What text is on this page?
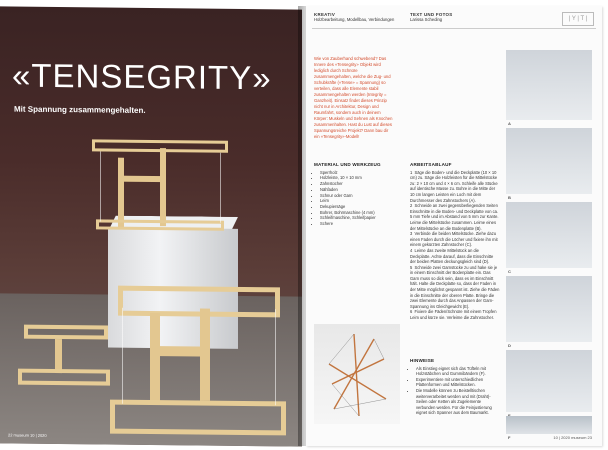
«TENSEGRITY»
Mit Spannung zusammengehalten.
22 museum 10 | 2020
KREATIV
Holzbearbeitung, Modellbau, Verbindungen
TEXT UND FOTOS
Larissa Scheding	| Y | T |
Wie von Zauberhand schwebend? Das Innere des «Tensegrity» Objekt wird lediglich durch Schnüre zusammengehalten, welche die Zug- und Schubkräfte («Tense» = Spannung) so verteilen, dass alle Elemente stabil zusammengehalten werden (Integrity = Ganzheit). Einsatz findet dieses Prinzip nicht nur in Architektur, Design und Raumfahrt, sondern auch in deinem Körper: Muskeln und Sehnen als Knochen zusammenhalten. Hast du Lust auf dieses Spannungsreiche Projekt? Dann bau dir ein «Tensegrity»-Modell!
MATERIAL UND WERKZEUG
• Sperrholz
• Holzleiste, 10 × 10 mm
• Zahnstocher
• Nähfaden
• Schnur oder Garn
• Leim
• Dekupiersäge
• Bohrer, Bohrmaschine (4 mm)
• Schleifmaschine, Schleifpapier
• Schere
ARBEITSABLAUF
1  Säge die Boden- und die Deckplatte (10 × 10 cm) zu. Säge die Holzleisten für die Mittelstücke zu: 2 × 10 cm und 4 × 6 cm. Schleife alle Stücke auf identische Masse zu. Bohre in die Mitte der 10 cm langen Leisten ein Loch mit dem Durchmesser des Zahnstochers (A).
2  Schneide an zwei gegenüberliegenden Seiten Einschnitte in die Boden- und Deckplatte von ca. 5 mm Tiefe und im Abstand von 5 mm zur Kante. Leime die Mittelstücke zusammen. Leime eines der Mittelstücke an die Bodenplatte (B).
3  Verbinde die beiden Mittelstücke. Ziehe dazu einen Faden durch die Löcher und fixiere ihn mit einem gekürzten Zahnstocher (C).
4  Leime das zweite Mittelstück an die Deckplatte. Achte darauf, dass die Einschnitte der beiden Platten deckungsgleich sind (D).
5  Schneide zwei Garnstücke zu und hake sie je in einem Einschnitt der Bodenplatte ein. Das Garn muss so dick sein, dass es im Einschnitt hält. Halte die Deckplatte so, dass der Faden in der Mitte möglichst gespannt ist. Ziehe die Fäden in die Einschnitte der oberen Platte. Bringe die zwei Elemente durch das Anpassen der Garn-Spannung ins Gleichgewicht (E).
6  Fixiere die Fäden/Schnüre mit einem Tropfen Leim und kürze sie. Verleime die Zahnstocher.
HINWEISE
• Als Einstieg eignet sich das Tüfteln mit Holzstäbchen und Gummibändern (F).
• Experimentiere mit unterschiedlichen Plattenformen und Mittelstücken.
• Die Modelle können zu Beistelltischen weiterverarbeitet werden und mit (Draht)-Seilen oder Ketten als Zugelemente verbunden werden. Für die Feinjustierung eignet sich Spanner aus dem Baumarkt.
A
B
C
D
F	10 | 2020 museum 23
